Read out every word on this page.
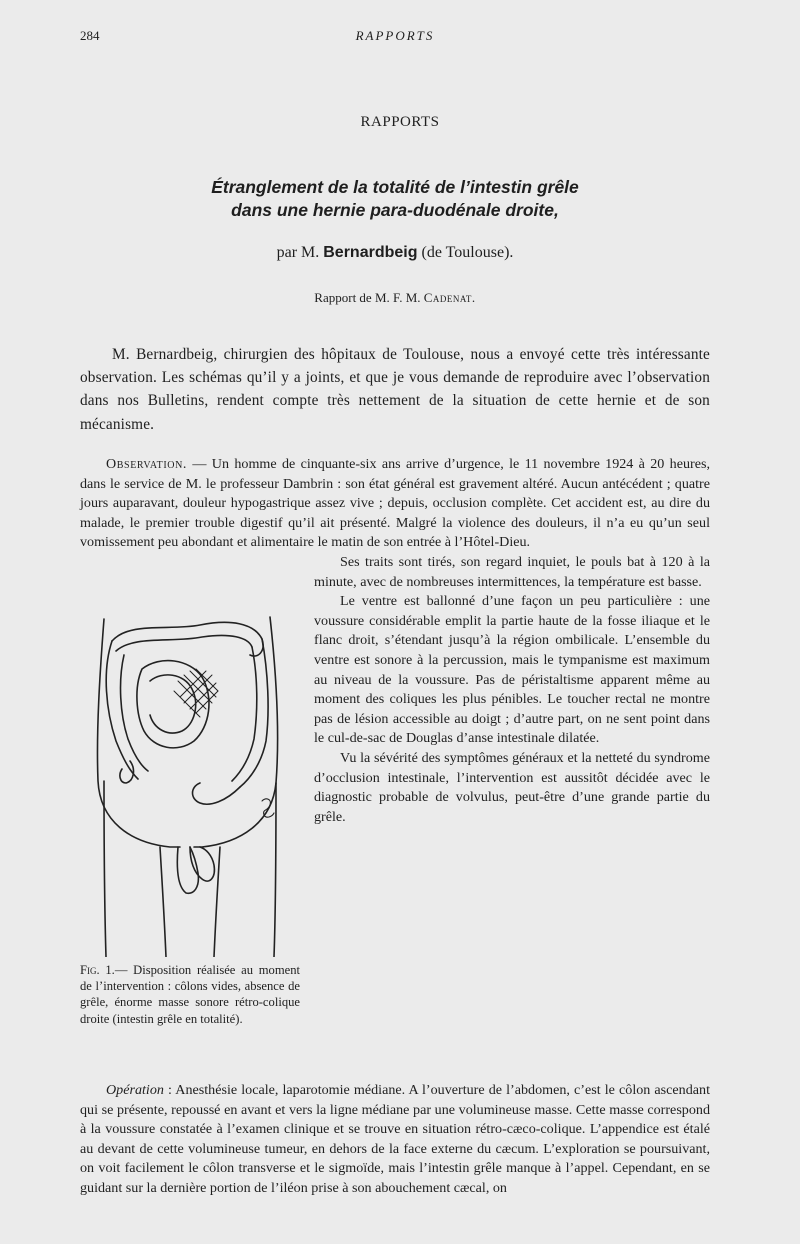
284	RAPPORTS
RAPPORTS
Étranglement de la totalité de l’intestin grêle
dans une hernie para-duodénale droite,
par M. Bernardbeig (de Toulouse).
Rapport de M. F. M. Cadenat.

M. Bernardbeig, chirurgien des hôpitaux de Toulouse, nous a envoyé cette très intéressante observation. Les schémas qu’il y a joints, et que je vous demande de reproduire avec l’observation dans nos Bulletins, rendent compte très nettement de la situation de cette hernie et de son mécanisme.

Observation. — Un homme de cinquante-six ans arrive d’urgence, le 11 novembre 1924 à 20 heures, dans le service de M. le professeur Dambrin : son état général est gravement altéré. Aucun antécédent ; quatre jours auparavant, douleur hypogastrique assez vive ; depuis, occlusion complète. Cet accident est, au dire du malade, le premier trouble digestif qu’il ait présenté. Malgré la violence des douleurs, il n’a eu qu’un seul vomissement peu abondant et alimentaire le matin de son entrée à l’Hôtel-Dieu.

Fig. 1.— Disposition réalisée au moment de l’intervention : côlons vides, absence de grêle, énorme masse sonore rétro-colique droite (intestin grêle en totalité).

Ses traits sont tirés, son regard inquiet, le pouls bat à 120 à la minute, avec de nombreuses intermittences, la température est basse.

Le ventre est ballonné d’une façon un peu particulière : une voussure considérable emplit la partie haute de la fosse iliaque et le flanc droit, s’étendant jusqu’à la région ombilicale. L’ensemble du ventre est sonore à la percussion, mais le tympanisme est maximum au niveau de la voussure. Pas de péristaltisme apparent même au moment des coliques les plus pénibles. Le toucher rectal ne montre pas de lésion accessible au doigt ; d’autre part, on ne sent point dans le cul-de-sac de Douglas d’anse intestinale dilatée.

Vu la sévérité des symptômes généraux et la netteté du syndrome d’occlusion intestinale, l’intervention est aussitôt décidée avec le diagnostic probable de volvulus, peut-être d’une grande partie du grêle.

Opération : Anesthésie locale, laparotomie médiane. A l’ouverture de l’abdomen, c’est le côlon ascendant qui se présente, repoussé en avant et vers la ligne médiane par une volumineuse masse. Cette masse correspond à la voussure constatée à l’examen clinique et se trouve en situation rétro-cæco-colique. L’appendice est étalé au devant de cette volumineuse tumeur, en dehors de la face externe du cæcum. L’exploration se poursuivant, on voit facilement le côlon transverse et le sigmoïde, mais l’intestin grêle manque à l’appel. Cependant, en se guidant sur la dernière portion de l’iléon prise à son abouchement cæcal, on
